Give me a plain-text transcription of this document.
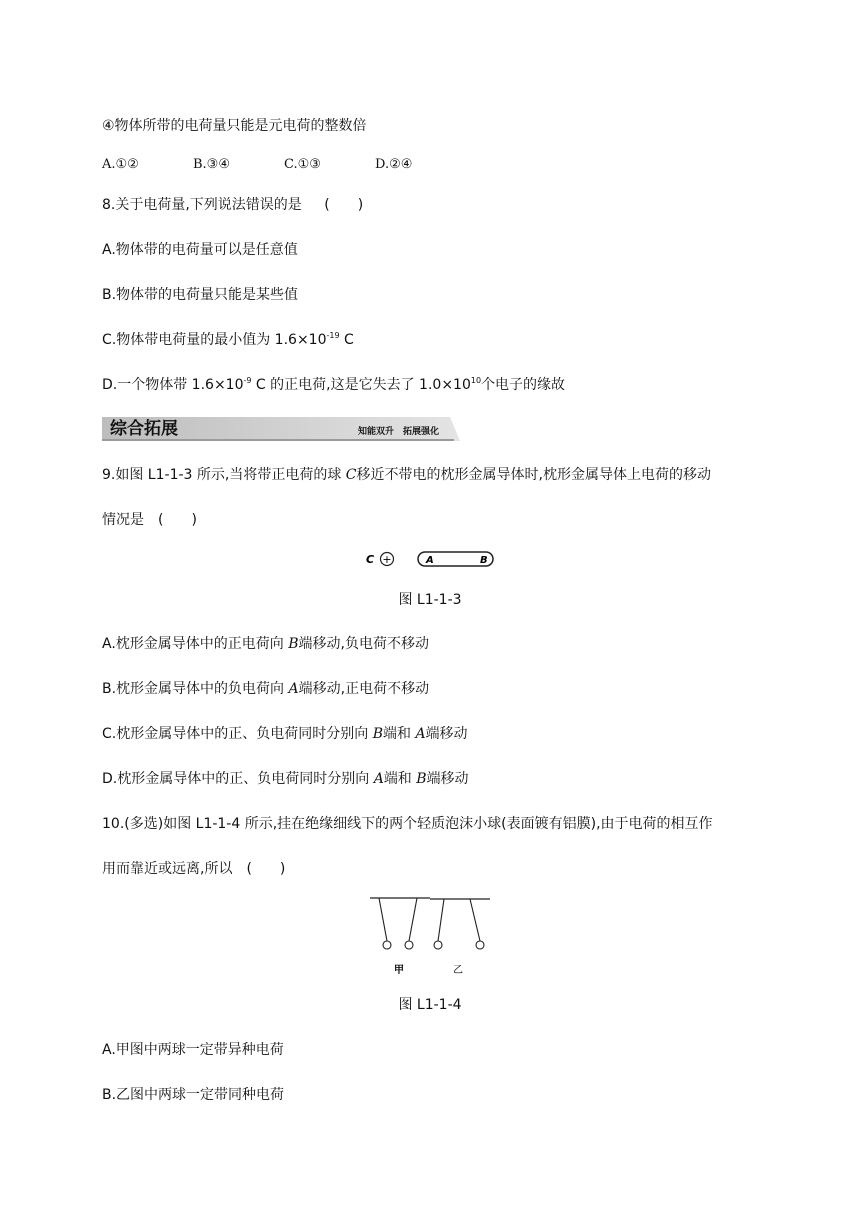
④物体所带的电荷量只能是元电荷的整数倍
A.①②	B.③④	C.①③	D.②④
8.关于电荷量,下列说法错误的是 (　　)
A.物体带的电荷量可以是任意值
B.物体带的电荷量只能是某些值
C.物体带电荷量的最小值为 $1.6\times 10^{-19}$ C
D.一个物体带 $1.6\times 10^{-9}$ C 的正电荷,这是它失去了 $1.0\times 10^{10}$个电子的缘故
综合拓展	知能双升　拓展强化
9.如图 L1-1-3 所示,当将带正电荷的球 C移近不带电的枕形金属导体时,枕形金属导体上电荷的移动
情况是　(　　)
C +	A	B
图 L1-1-3
A.枕形金属导体中的正电荷向 B端移动,负电荷不移动
B.枕形金属导体中的负电荷向 A端移动,正电荷不移动
C.枕形金属导体中的正、负电荷同时分别向 B端和 A端移动
D.枕形金属导体中的正、负电荷同时分别向 A端和 B端移动
10.(多选)如图 L1-1-4 所示,挂在绝缘细线下的两个轻质泡沫小球(表面镀有铝膜),由于电荷的相互作
用而靠近或远离,所以　(　　)
甲	乙
图 L1-1-4
A.甲图中两球一定带异种电荷
B.乙图中两球一定带同种电荷
